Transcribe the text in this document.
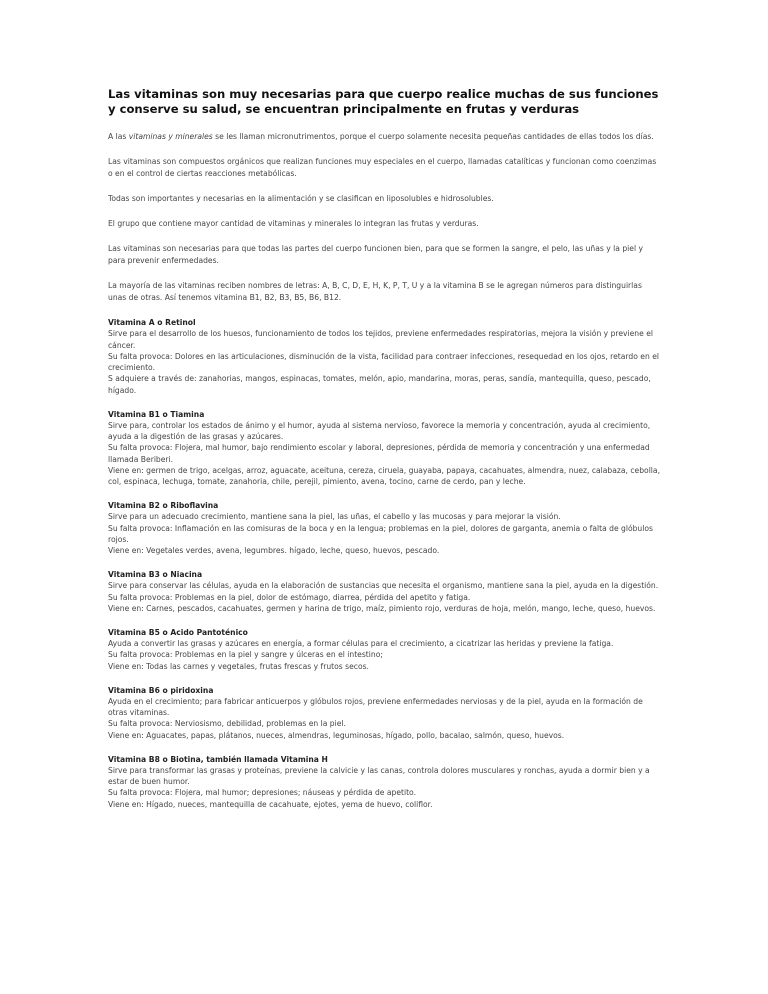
Las vitaminas son muy necesarias para que cuerpo realice muchas de sus funciones y conserve su salud, se encuentran principalmente en frutas y verduras

A las vitaminas y minerales se les llaman micronutrimentos, porque el cuerpo solamente necesita pequeñas cantidades de ellas todos los días.

Las vitaminas son compuestos orgánicos que realizan funciones muy especiales en el cuerpo, llamadas catalíticas y funcionan como coenzimas o en el control de ciertas reacciones metabólicas.

Todas son importantes y necesarias en la alimentación y se clasifican en liposolubles e hidrosolubles.

El grupo que contiene mayor cantidad de vitaminas y minerales lo integran las frutas y verduras.

Las vitaminas son necesarias para que todas las partes del cuerpo funcionen bien, para que se formen la sangre, el pelo, las uñas y la piel y para prevenir enfermedades.

La mayoría de las vitaminas reciben nombres de letras: A, B, C, D, E, H, K, P, T, U y a la vitamina B se le agregan números para distinguirlas unas de otras. Así tenemos vitamina B1, B2, B3, B5, B6, B12.

Vitamina A o Retinol
Sirve para el desarrollo de los huesos, funcionamiento de todos los tejidos, previene enfermedades respiratorias, mejora la visión y previene el cáncer.
Su falta provoca: Dolores en las articulaciones, disminución de la vista, facilidad para contraer infecciones, resequedad en los ojos, retardo en el crecimiento.
S adquiere a través de: zanahorias, mangos, espinacas, tomates, melón, apio, mandarina, moras, peras, sandía, mantequilla, queso, pescado, hígado.
Vitamina B1 o Tiamina
Sirve para, controlar los estados de ánimo y el humor, ayuda al sistema nervioso, favorece la memoria y concentración, ayuda al crecimiento, ayuda a la digestión de las grasas y azúcares.
Su falta provoca: Flojera, mal humor, bajo rendimiento escolar y laboral, depresiones, pérdida de memoria y concentración y una enfermedad llamada Beriberi.
Viene en: germen de trigo, acelgas, arroz, aguacate, aceituna, cereza, ciruela, guayaba, papaya, cacahuates, almendra, nuez, calabaza, cebolla, col, espinaca, lechuga, tomate, zanahoria, chile, perejil, pimiento, avena, tocino, carne de cerdo, pan y leche.
Vitamina B2 o Riboflavina
Sirve para un adecuado crecimiento, mantiene sana la piel, las uñas, el cabello y las mucosas y para mejorar la visión.
Su falta provoca: Inflamación en las comisuras de la boca y en la lengua; problemas en la piel, dolores de garganta, anemia o falta de glóbulos rojos.
Viene en: Vegetales verdes, avena, legumbres. hígado, leche, queso, huevos, pescado.
Vitamina B3 o Niacina
Sirve para conservar las células, ayuda en la elaboración de sustancias que necesita el organismo, mantiene sana la piel, ayuda en la digestión.
Su falta provoca: Problemas en la piel, dolor de estómago, diarrea, pérdida del apetito y fatiga.
Viene en: Carnes, pescados, cacahuates, germen y harina de trigo, maíz, pimiento rojo, verduras de hoja, melón, mango, leche, queso, huevos.
Vitamina B5 o Acido Pantoténico
Ayuda a convertir las grasas y azúcares en energía, a formar células para el crecimiento, a cicatrizar las heridas y previene la fatiga.
Su falta provoca: Problemas en la piel y sangre y úlceras en el intestino;
Viene en: Todas las carnes y vegetales, frutas frescas y frutos secos.
Vitamina B6 o piridoxina
Ayuda en el crecimiento; para fabricar anticuerpos y glóbulos rojos, previene enfermedades nerviosas y de la piel, ayuda en la formación de otras vitaminas.
Su falta provoca: Nerviosismo, debilidad, problemas en la piel.
Viene en: Aguacates, papas, plátanos, nueces, almendras, leguminosas, hígado, pollo, bacalao, salmón, queso, huevos.
Vitamina B8 o Biotina, también llamada Vitamina H
Sirve para transformar las grasas y proteínas, previene la calvicie y las canas, controla dolores musculares y ronchas, ayuda a dormir bien y a estar de buen humor.
Su falta provoca: Flojera, mal humor; depresiones; náuseas y pérdida de apetito.
Viene en: Hígado, nueces, mantequilla de cacahuate, ejotes, yema de huevo, coliflor.
